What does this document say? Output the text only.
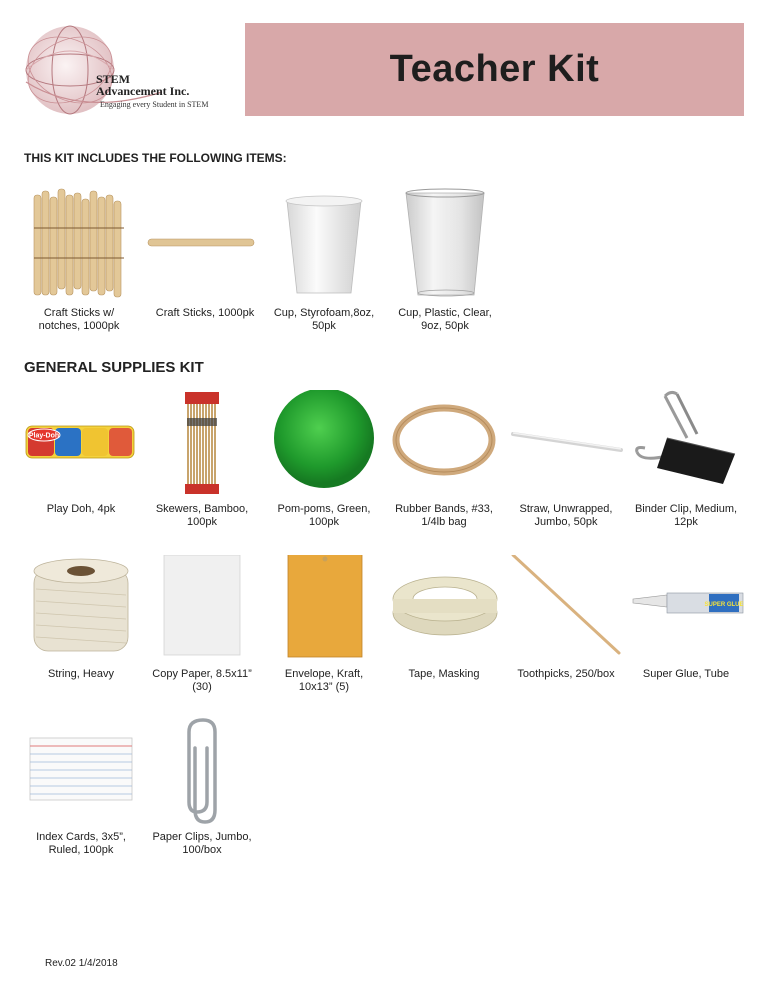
STEM
Advancement Inc.
Engaging every Student in STEM
Teacher Kit
THIS KIT INCLUDES THE FOLLOWING ITEMS:
Craft Sticks w/
notches, 1000pk
Craft Sticks, 1000pk	Cup, Styrofoam,8oz,
50pk
Cup, Plastic, Clear,
9oz, 50pk
GENERAL SUPPLIES KIT
Play-Doh
Play Doh, 4pk	Skewers, Bamboo,
100pk
Pom-poms, Green,
100pk
Rubber Bands, #33,
1/4lb bag
Straw, Unwrapped,
Jumbo, 50pk
Binder Clip, Medium,
12pk
String, Heavy	Copy Paper, 8.5x11”
(30)
Envelope, Kraft,
10x13” (5)
Tape, Masking	Toothpicks, 250/box
SUPER GLUE
Super Glue, Tube
Index Cards, 3x5”,
Ruled, 100pk
Paper Clips, Jumbo,
100/box
Rev.02 1/4/2018
